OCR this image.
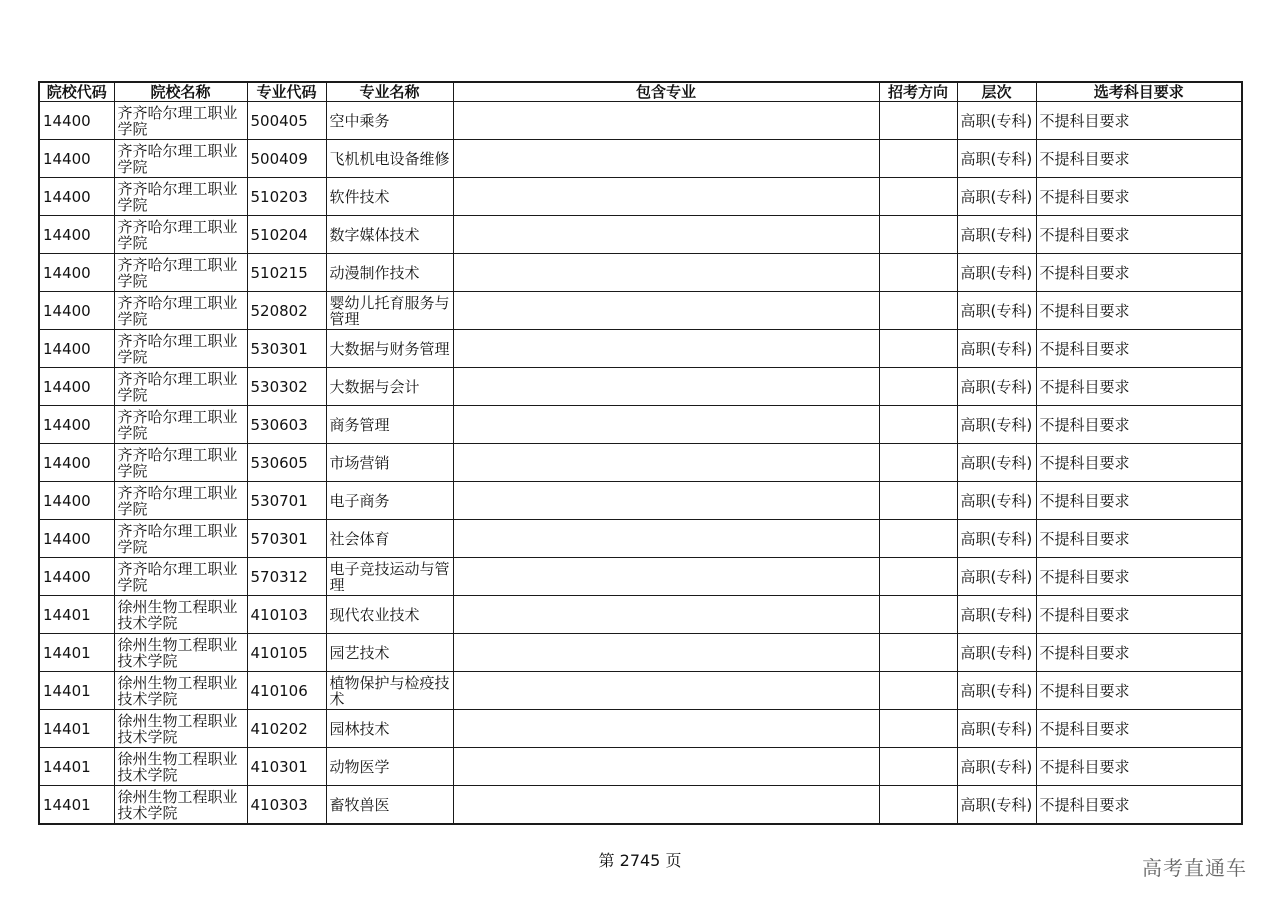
院校代码	院校名称	专业代码	专业名称	包含专业	招考方向	层次	选考科目要求
14400	齐齐哈尔理工职业学院	500405	空中乘务			高职(专科)	不提科目要求
14400	齐齐哈尔理工职业学院	500409	飞机机电设备维修			高职(专科)	不提科目要求
14400	齐齐哈尔理工职业学院	510203	软件技术			高职(专科)	不提科目要求
14400	齐齐哈尔理工职业学院	510204	数字媒体技术			高职(专科)	不提科目要求
14400	齐齐哈尔理工职业学院	510215	动漫制作技术			高职(专科)	不提科目要求
14400	齐齐哈尔理工职业学院	520802	婴幼儿托育服务与管理			高职(专科)	不提科目要求
14400	齐齐哈尔理工职业学院	530301	大数据与财务管理			高职(专科)	不提科目要求
14400	齐齐哈尔理工职业学院	530302	大数据与会计			高职(专科)	不提科目要求
14400	齐齐哈尔理工职业学院	530603	商务管理			高职(专科)	不提科目要求
14400	齐齐哈尔理工职业学院	530605	市场营销			高职(专科)	不提科目要求
14400	齐齐哈尔理工职业学院	530701	电子商务			高职(专科)	不提科目要求
14400	齐齐哈尔理工职业学院	570301	社会体育			高职(专科)	不提科目要求
14400	齐齐哈尔理工职业学院	570312	电子竞技运动与管理			高职(专科)	不提科目要求
14401	徐州生物工程职业技术学院	410103	现代农业技术			高职(专科)	不提科目要求
14401	徐州生物工程职业技术学院	410105	园艺技术			高职(专科)	不提科目要求
14401	徐州生物工程职业技术学院	410106	植物保护与检疫技术			高职(专科)	不提科目要求
14401	徐州生物工程职业技术学院	410202	园林技术			高职(专科)	不提科目要求
14401	徐州生物工程职业技术学院	410301	动物医学			高职(专科)	不提科目要求
14401	徐州生物工程职业技术学院	410303	畜牧兽医			高职(专科)	不提科目要求
第 2745 页	高考直通车
